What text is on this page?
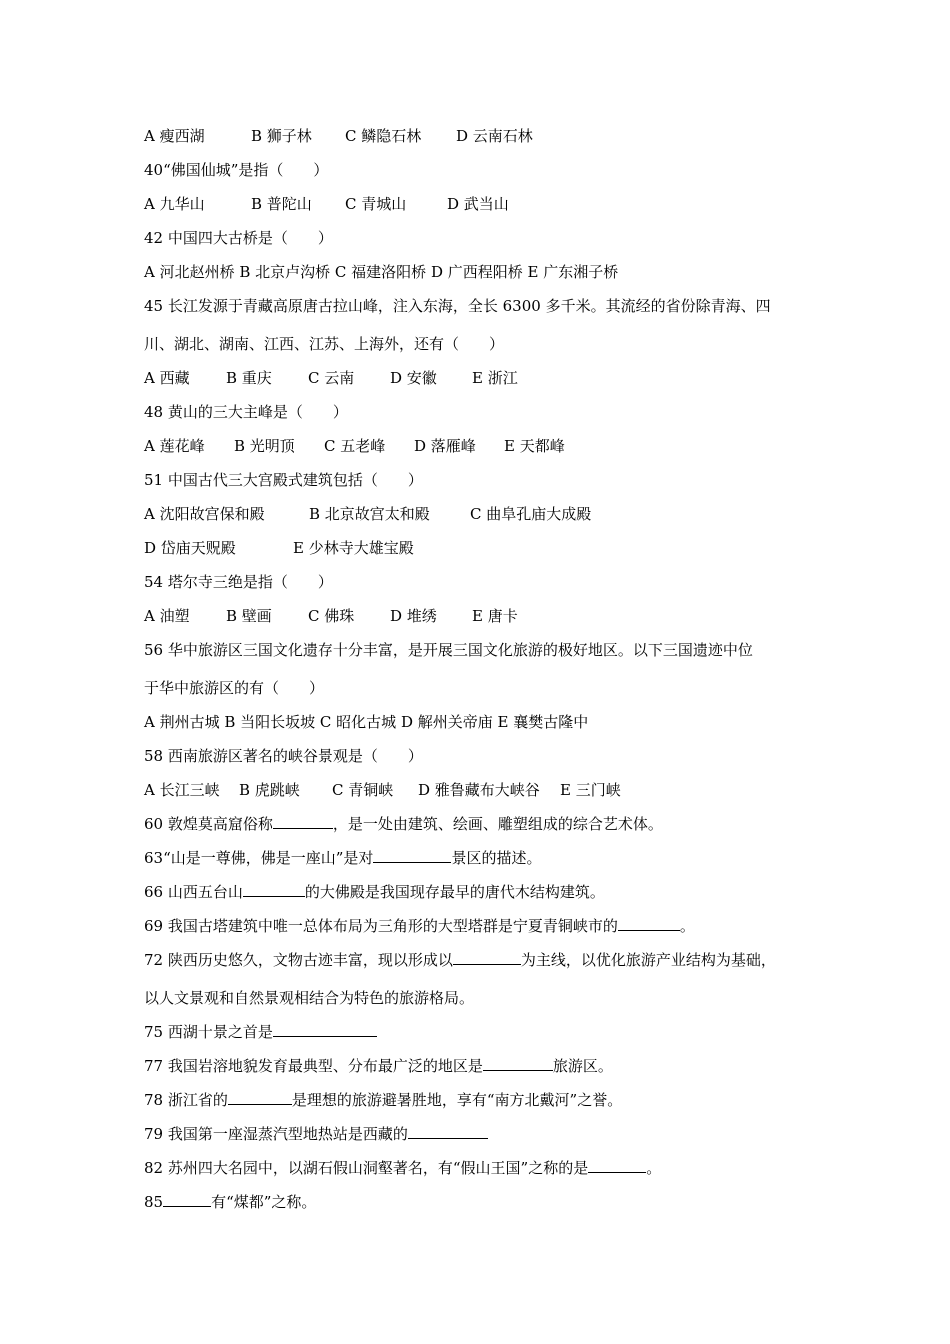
A 瘦西湖	B 狮子林 C 鳞隐石林 D 云南石林
40“佛国仙城”是指（　　）
A 九华山	B 普陀山 C 青城山	D 武当山
42 中国四大古桥是（　　）
A 河北赵州桥 B 北京卢沟桥 C 福建洛阳桥 D 广西程阳桥 E 广东湘子桥
45 长江发源于青藏高原唐古拉山峰，注入东海，全长 6300 多千米。其流经的省份除青海、四
川、湖北、湖南、江西、江苏、上海外，还有（　　）
A 西藏 B 重庆 C 云南 D 安徽 E 浙江
48 黄山的三大主峰是（　　）
A 莲花峰 B 光明顶 C 五老峰 D 落雁峰 E 天都峰
51 中国古代三大宫殿式建筑包括（　　）
A 沈阳故宫保和殿	B 北京故宫太和殿	C 曲阜孔庙大成殿
D 岱庙天贶殿	E 少林寺大雄宝殿
54 塔尔寺三绝是指（　　）
A 油塑 B 壁画 C 佛珠 D 堆绣 E 唐卡
56 华中旅游区三国文化遗存十分丰富，是开展三国文化旅游的极好地区。以下三国遗迹中位
于华中旅游区的有（　　）
A 荆州古城 B 当阳长坂坡 C 昭化古城 D 解州关帝庙 E 襄樊古隆中
58 西南旅游区著名的峡谷景观是（　　）
A 长江三峡 B 虎跳峡 C 青铜峡 D 雅鲁藏布大峡谷 E 三门峡
60 敦煌莫高窟俗称	，是一处由建筑、绘画、雕塑组成的综合艺术体。
63“山是一尊佛，佛是一座山”是对	景区的描述。
66 山西五台山	的大佛殿是我国现存最早的唐代木结构建筑。
69 我国古塔建筑中唯一总体布局为三角形的大型塔群是宁夏青铜峡市的	。
72 陕西历史悠久，文物古迹丰富，现以形成以	为主线，以优化旅游产业结构为基础，
以人文景观和自然景观相结合为特色的旅游格局。
75 西湖十景之首是
77 我国岩溶地貌发育最典型、分布最广泛的地区是	旅游区。
78 浙江省的	是理想的旅游避暑胜地，享有“南方北戴河”之誉。
79 我国第一座湿蒸汽型地热站是西藏的
82 苏州四大名园中，以湖石假山洞壑著名，有“假山王国”之称的是	。
85	有“煤都”之称。
